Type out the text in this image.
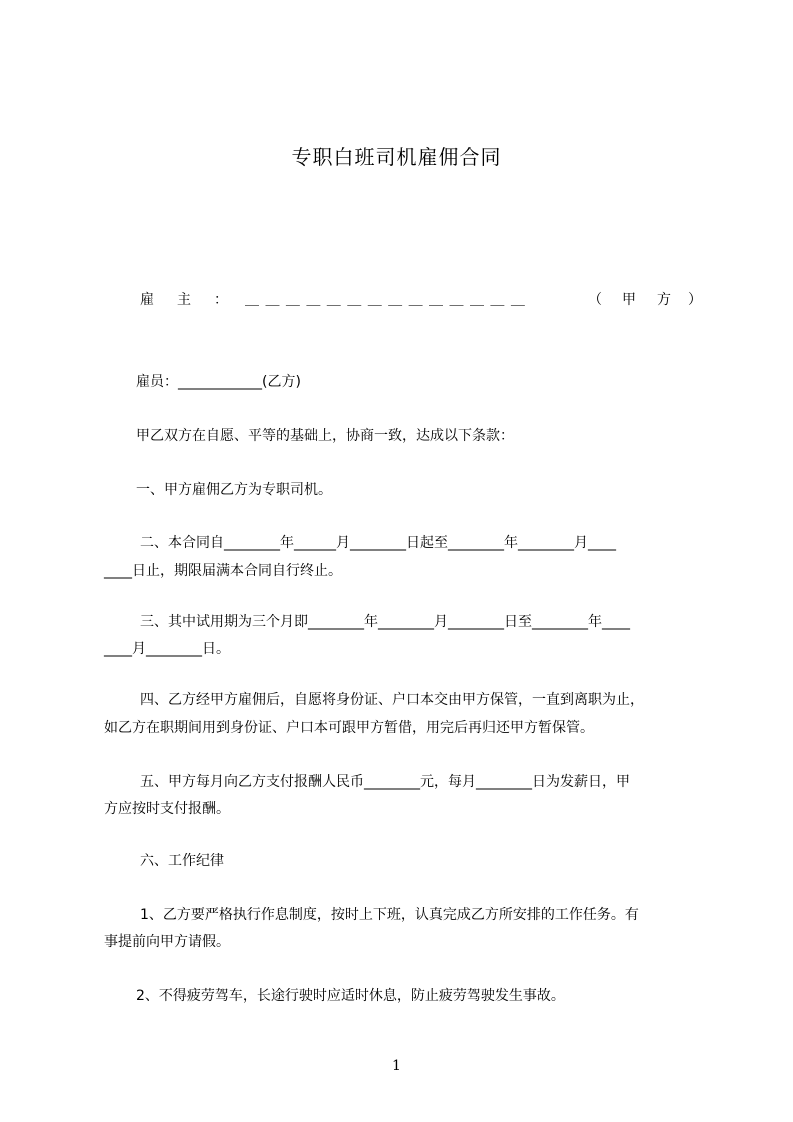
专职白班司机雇佣合同
雇 主 ： ＿ ＿ ＿ ＿ ＿ ＿ ＿ ＿ ＿ ＿ ＿ ＿ ＿ ＿	（ 甲 方 ）
雇员：____________(乙方)
甲乙双方在自愿、平等的基础上，协商一致，达成以下条款：
一、甲方雇佣乙方为专职司机。
二、本合同自________年______月________日起至________年________月____
____日止，期限届满本合同自行终止。
三、其中试用期为三个月即________年________月________日至________年____
____月________日。
四、乙方经甲方雇佣后，自愿将身份证、户口本交由甲方保管，一直到离职为止，
如乙方在职期间用到身份证、户口本可跟甲方暂借，用完后再归还甲方暂保管。
五、甲方每月向乙方支付报酬人民币________元，每月________日为发薪日，甲
方应按时支付报酬。
六、工作纪律
1、乙方要严格执行作息制度，按时上下班，认真完成乙方所安排的工作任务。有
事提前向甲方请假。
2、不得疲劳驾车，长途行驶时应适时休息，防止疲劳驾驶发生事故。
1
